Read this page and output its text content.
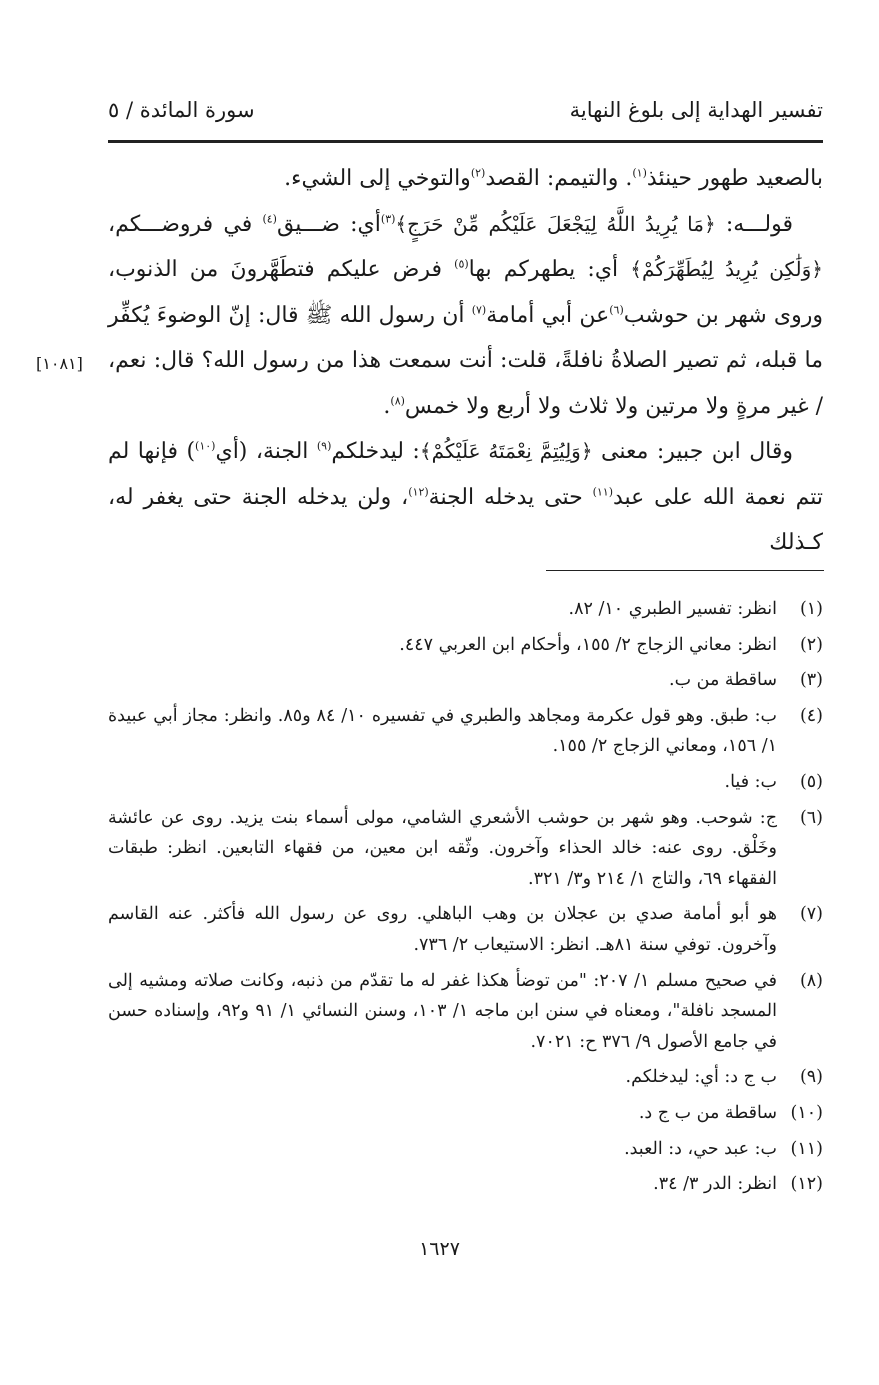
تفسير الهداية إلى بلوغ النهاية
سورة المائدة / ٥
[١٠٨١]

بالصعيد طهور حينئذ$^{(١)}$. والتيمم: القصد$^{(٢)}$والتوخي إلى الشيء.

قولـــه: ﴿مَا يُرِيدُ اللَّهُ لِيَجْعَلَ عَلَيْكُم مِّنْ حَرَجٍ﴾$^{(٣)}$أي: ضـــيق$^{(٤)}$ في فروضـــكم، ﴿وَلَٰكِن يُرِيدُ لِيُطَهِّرَكُمْ﴾ أي: يطهركم بها$^{(٥)}$ فرض عليكم فتطَهَّرونَ من الذنوب، وروى شهر بن حوشب$^{(٦)}$عن أبي أمامة$^{(٧)}$ أن رسول الله ﷺ قال: إنّ الوضوءَ يُكفِّر ما قبله، ثم تصير الصلاةُ نافلةً، قلت: أنت سمعت هذا من رسول الله؟ قال: نعم، / غير مرةٍ ولا مرتين ولا ثلاث ولا أربع ولا خمس$^{(٨)}$.

وقال ابن جبير: معنى ﴿وَلِيُتِمَّ نِعْمَتَهُ عَلَيْكُمْ﴾: ليدخلكم$^{(٩)}$ الجنة، (أي$^{(١٠)}$) فإنها لم تتم نعمة الله على عبد$^{(١١)}$ حتى يدخله الجنة$^{(١٢)}$، ولن يدخله الجنة حتى يغفر له، كـذلك

(١)
انظر: تفسير الطبري ١٠/ ٨٢.
(٢)
انظر: معاني الزجاج ٢/ ١٥٥، وأحكام ابن العربي ٤٤٧.
(٣)
ساقطة من ب.
(٤)
ب: طبق. وهو قول عكرمة ومجاهد والطبري في تفسيره ١٠/ ٨٤ و٨٥. وانظر: مجاز أبي عبيدة ١/ ١٥٦، ومعاني الزجاج ٢/ ١٥٥.
(٥)
ب: فيا.
(٦)
ج: شوحب. وهو شهر بن حوشب الأشعري الشامي، مولى أسماء بنت يزيد. روى عن عائشة وخَلْق. روى عنه: خالد الحذاء وآخرون. وثّقه ابن معين، من فقهاء التابعين. انظر: طبقات الفقهاء ٦٩، والتاج ١/ ٢١٤ و٣/ ٣٢١.
(٧)
هو أبو أمامة صدي بن عجلان بن وهب الباهلي. روى عن رسول الله فأكثر. عنه القاسم وآخرون. توفي سنة ٨١هـ. انظر: الاستيعاب ٢/ ٧٣٦.
(٨)
في صحيح مسلم ١/ ٢٠٧: "من توضأ هكذا غفر له ما تقدّم من ذنبه، وكانت صلاته ومشيه إلى المسجد نافلة"، ومعناه في سنن ابن ماجه ١/ ١٠٣، وسنن النسائي ١/ ٩١ و٩٢، وإسناده حسن في جامع الأصول ٩/ ٣٧٦ ح: ٧٠٢١.
(٩)
ب ج د: أي: ليدخلكم.
(١٠)
ساقطة من ب ج د.
(١١)
ب: عبد حي، د: العبد.
(١٢)
انظر: الدر ٣/ ٣٤.
١٦٢٧
